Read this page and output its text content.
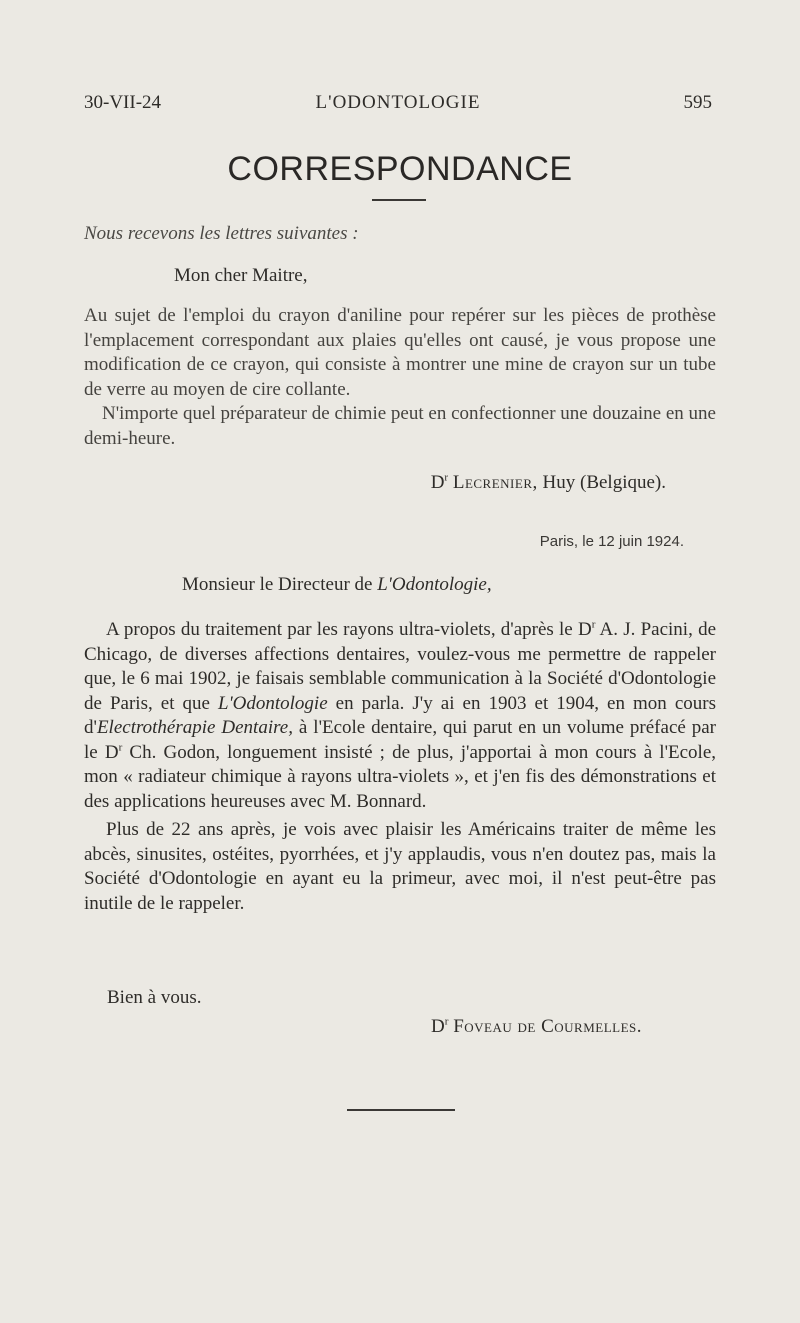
30-VII-24	L'ODONTOLOGIE	595
CORRESPONDANCE
Nous recevons les lettres suivantes :
Mon cher Maitre,

Au sujet de l'emploi du crayon d'aniline pour repérer sur les pièces de prothèse l'emplacement correspondant aux plaies qu'elles ont causé, je vous propose une modification de ce crayon, qui consiste à montrer une mine de crayon sur un tube de verre au moyen de cire collante.

N'importe quel préparateur de chimie peut en confectionner une douzaine en une demi-heure.

$D^r$ Lecrenier, Huy (Belgique).
Paris, le 12 juin 1924.
Monsieur le Directeur de L'Odontologie,

A propos du traitement par les rayons ultra-violets, d'après le $D^r$ A. J. Pacini, de Chicago, de diverses affections dentaires, voulez-vous me permettre de rappeler que, le 6 mai 1902, je faisais semblable communication à la Société d'Odontologie de Paris, et que L'Odontologie en parla. J'y ai en 1903 et 1904, en mon cours d'Electrothérapie Dentaire, à l'Ecole dentaire, qui parut en un volume préfacé par le $D^r$ Ch. Godon, longuement insisté ; de plus, j'apportai à mon cours à l'Ecole, mon « radiateur chimique à rayons ultra-violets », et j'en fis des démonstrations et des applications heureuses avec M. Bonnard.

Plus de 22 ans après, je vois avec plaisir les Américains traiter de même les abcès, sinusites, ostéites, pyorrhées, et j'y applaudis, vous n'en doutez pas, mais la Société d'Odontologie en ayant eu la primeur, avec moi, il n'est peut-être pas inutile de le rappeler.

Bien à vous.
$D^r$ Foveau de Courmelles.
